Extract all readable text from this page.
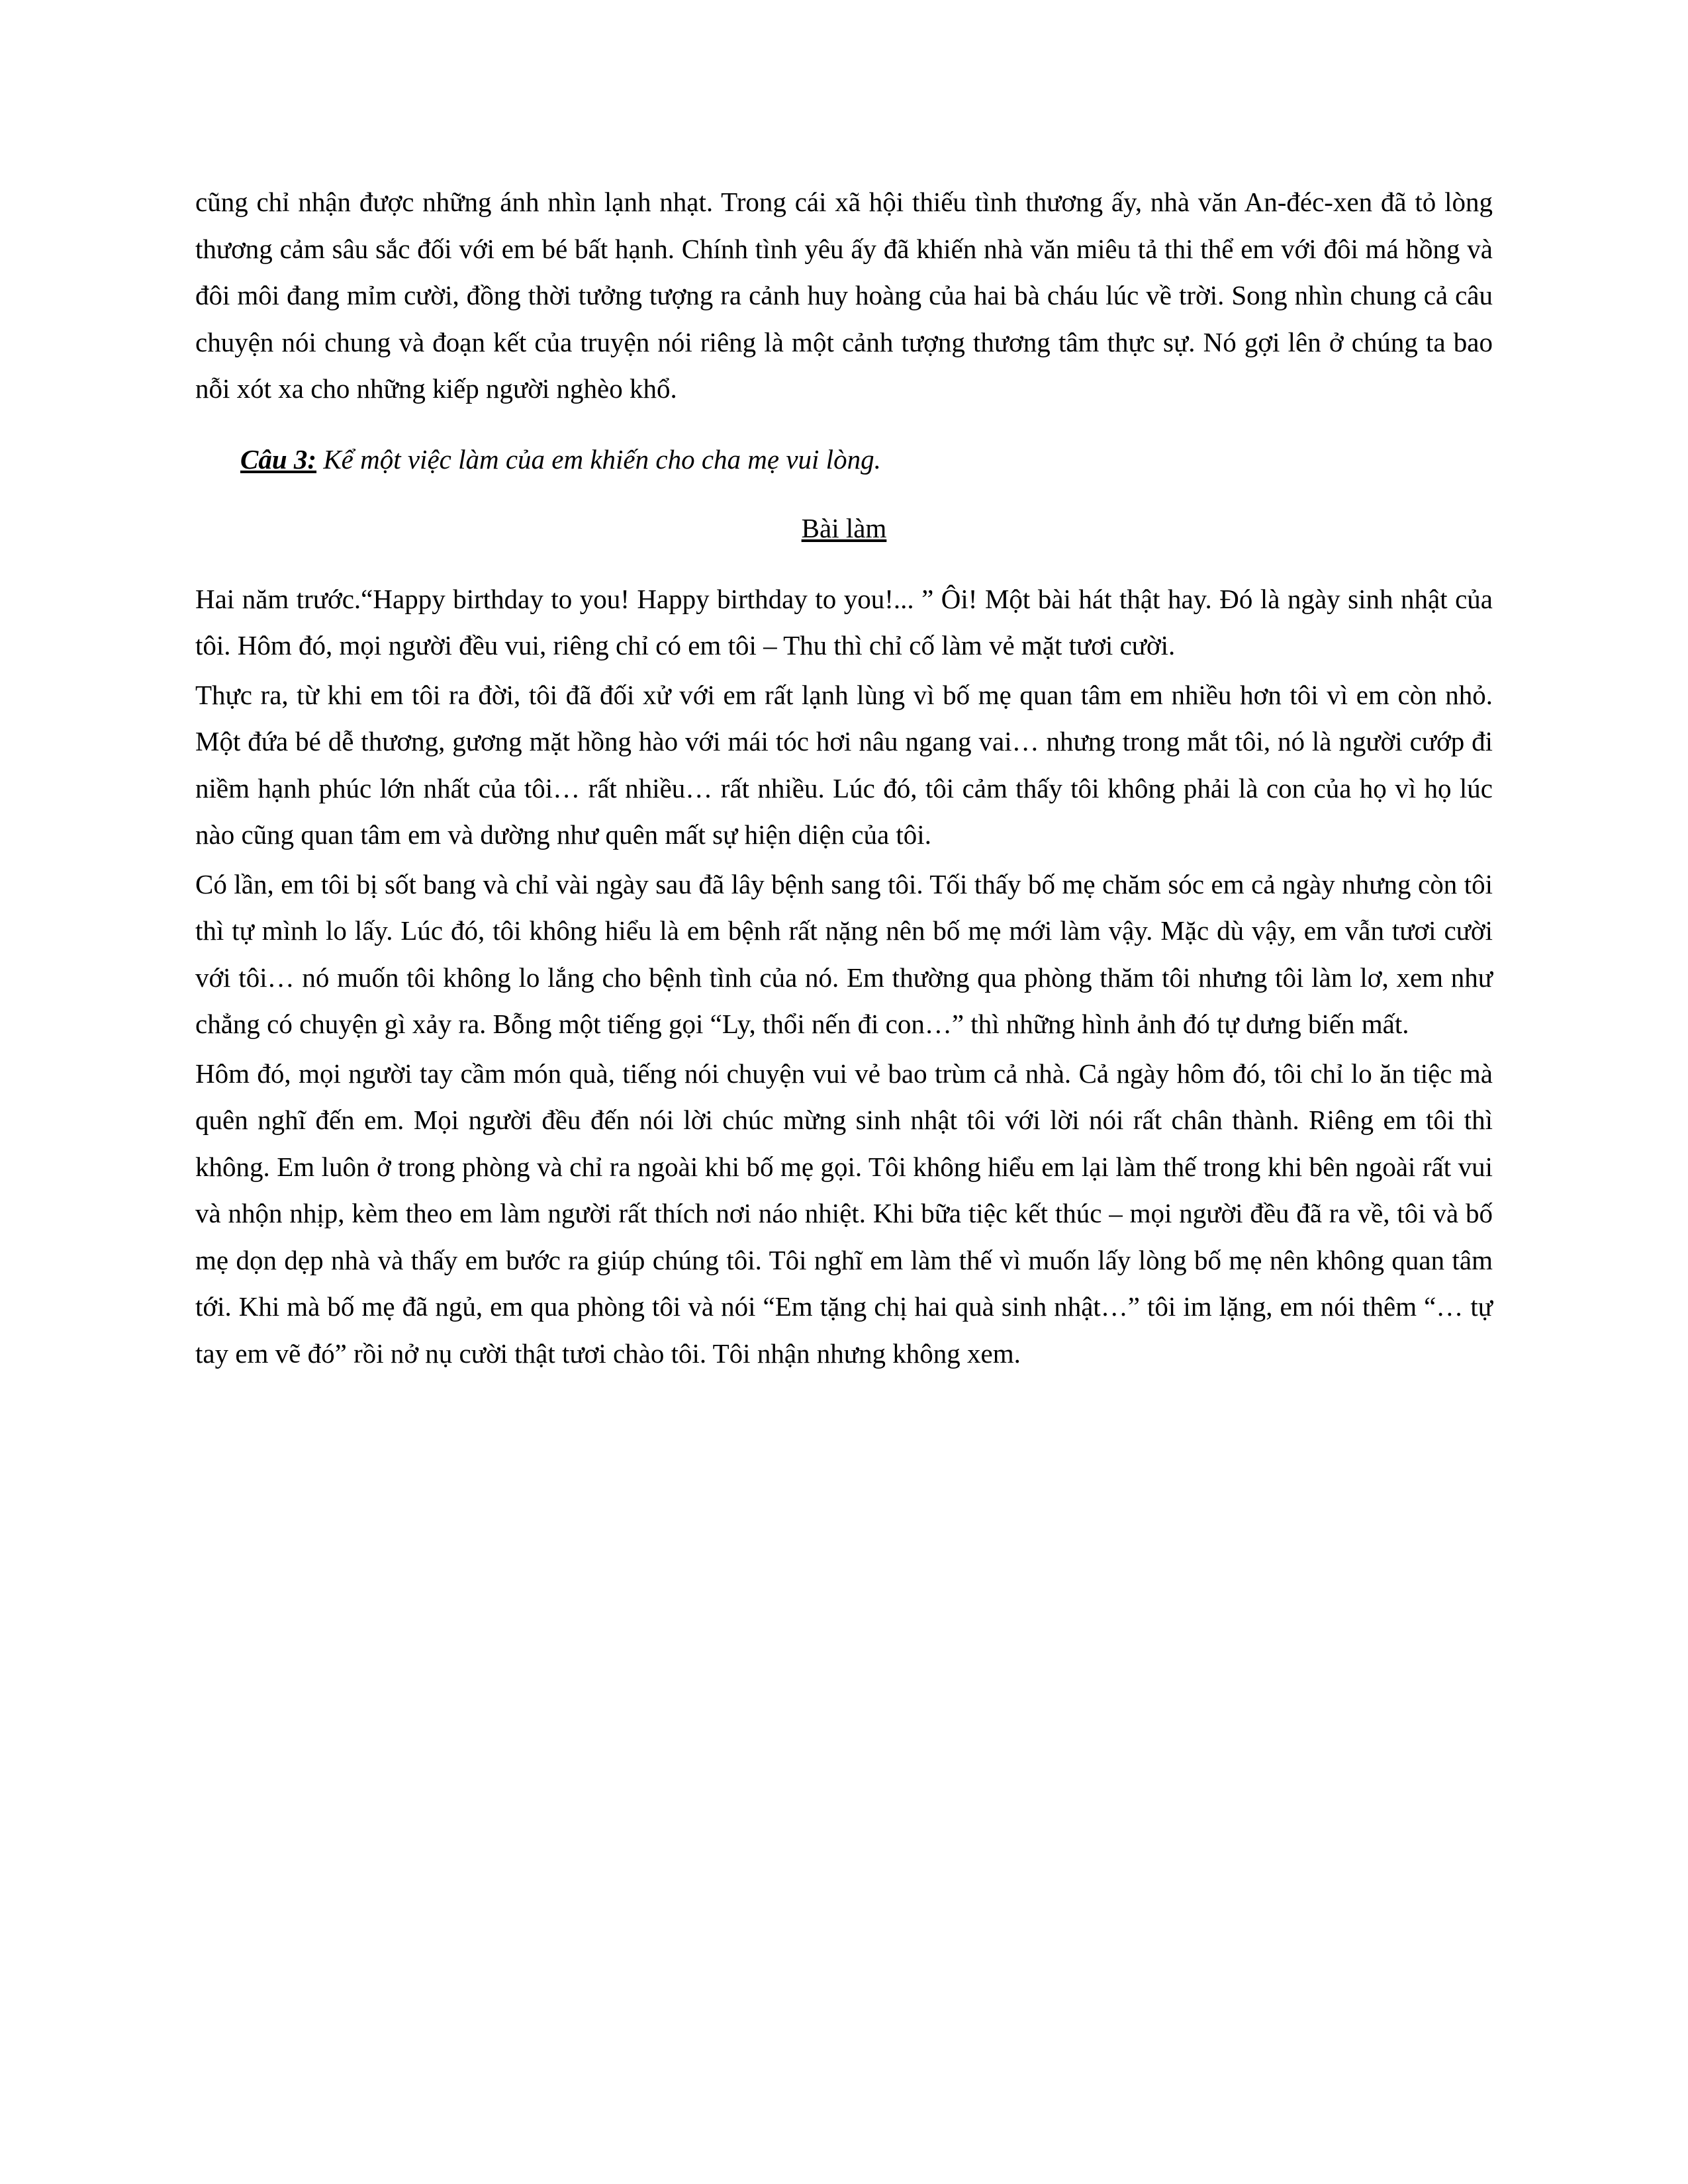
cũng chỉ nhận được những ánh nhìn lạnh nhạt. Trong cái xã hội thiếu tình thương ấy, nhà văn An-đéc-xen đã tỏ lòng thương cảm sâu sắc đối với em bé bất hạnh. Chính tình yêu ấy đã khiến nhà văn miêu tả thi thể em với đôi má hồng và đôi môi đang mỉm cười, đồng thời tưởng tượng ra cảnh huy hoàng của hai bà cháu lúc về trời. Song nhìn chung cả câu chuyện nói chung và đoạn kết của truyện nói riêng là một cảnh tượng thương tâm thực sự. Nó gợi lên ở chúng ta bao nỗi xót xa cho những kiếp người nghèo khổ.

Câu 3: Kể một việc làm của em khiến cho cha mẹ vui lòng.

Bài làm

Hai năm trước.“Happy birthday to you! Happy birthday to you!... ” Ôi! Một bài hát thật hay. Đó là ngày sinh nhật của tôi. Hôm đó, mọi người đều vui, riêng chỉ có em tôi – Thu thì chỉ cố làm vẻ mặt tươi cười.

Thực ra, từ khi em tôi ra đời, tôi đã đối xử với em rất lạnh lùng vì bố mẹ quan tâm em nhiều hơn tôi vì em còn nhỏ. Một đứa bé dễ thương, gương mặt hồng hào với mái tóc hơi nâu ngang vai… nhưng trong mắt tôi, nó là người cướp đi niềm hạnh phúc lớn nhất của tôi… rất nhiều… rất nhiều. Lúc đó, tôi cảm thấy tôi không phải là con của họ vì họ lúc nào cũng quan tâm em và dường như quên mất sự hiện diện của tôi.

Có lần, em tôi bị sốt bang và chỉ vài ngày sau đã lây bệnh sang tôi. Tối thấy bố mẹ chăm sóc em cả ngày nhưng còn tôi thì tự mình lo lấy. Lúc đó, tôi không hiểu là em bệnh rất nặng nên bố mẹ mới làm vậy. Mặc dù vậy, em vẫn tươi cười với tôi… nó muốn tôi không lo lắng cho bệnh tình của nó. Em thường qua phòng thăm tôi nhưng tôi làm lơ, xem như chẳng có chuyện gì xảy ra. Bỗng một tiếng gọi “Ly, thổi nến đi con…” thì những hình ảnh đó tự dưng biến mất.

Hôm đó, mọi người tay cầm món quà, tiếng nói chuyện vui vẻ bao trùm cả nhà. Cả ngày hôm đó, tôi chỉ lo ăn tiệc mà quên nghĩ đến em. Mọi người đều đến nói lời chúc mừng sinh nhật tôi với lời nói rất chân thành. Riêng em tôi thì không. Em luôn ở trong phòng và chỉ ra ngoài khi bố mẹ gọi. Tôi không hiểu em lại làm thế trong khi bên ngoài rất vui và nhộn nhịp, kèm theo em làm người rất thích nơi náo nhiệt. Khi bữa tiệc kết thúc – mọi người đều đã ra về, tôi và bố mẹ dọn dẹp nhà và thấy em bước ra giúp chúng tôi. Tôi nghĩ em làm thế vì muốn lấy lòng bố mẹ nên không quan tâm tới. Khi mà bố mẹ đã ngủ, em qua phòng tôi và nói “Em tặng chị hai quà sinh nhật…” tôi im lặng, em nói thêm “… tự tay em vẽ đó” rồi nở nụ cười thật tươi chào tôi. Tôi nhận nhưng không xem.
